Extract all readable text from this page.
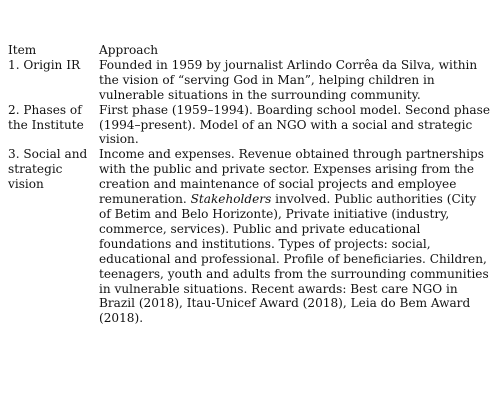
Item	Approach
1. Origin IR	Founded in 1959 by journalist Arlindo Corrêa da Silva, within the vision of “serving God in Man”, helping children in vulnerable situations in the surrounding community.
2. Phases of the Institute	First phase (1959–1994). Boarding school model. Second phase (1994–present). Model of an NGO with a social and strategic vision.
3. Social and strategic vision	Income and expenses. Revenue obtained through partnerships with the public and private sector. Expenses arising from the creation and maintenance of social projects and employee remuneration. Stakeholders involved. Public authorities (City of Betim and Belo Horizonte), Private initiative (industry, commerce, services). Public and private educational foundations and institutions. Types of projects: social, educational and professional. Profile of beneficiaries. Children, teenagers, youth and adults from the surrounding communities in vulnerable situations. Recent awards: Best care NGO in Brazil (2018), Itau-Unicef Award (2018), Leia do Bem Award (2018).
